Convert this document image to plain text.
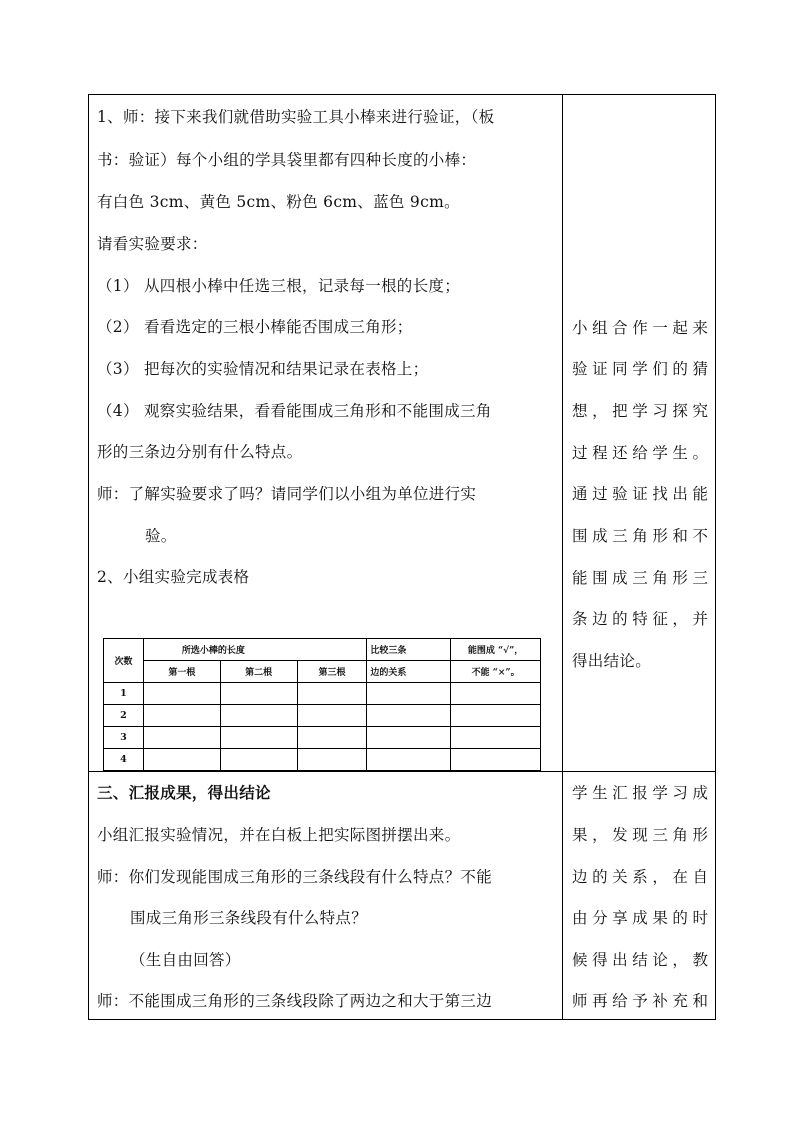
1、师：接下来我们就借助实验工具小棒来进行验证，（板
书：验证）每个小组的学具袋里都有四种长度的小棒：
有白色 3cm、黄色 5cm、粉色 6cm、蓝色 9cm。
请看实验要求：
（1） 从四根小棒中任选三根，记录每一根的长度；
（2） 看看选定的三根小棒能否围成三角形；
（3） 把每次的实验情况和结果记录在表格上；
（4） 观察实验结果，看看能围成三角形和不能围成三角
形的三条边分别有什么特点。
师：了解实验要求了吗？请同学们以小组为单位进行实
验。
2、小组实验完成表格
小组合作一起来
验证同学们的猜
想，把学习探究
过程还给学生。
通过验证找出能
围成三角形和不
能围成三角形三
条边的特征，并
得出结论。
次数	所选小棒的长度			比较三条	能围成 “√”，
	第一根	第二根	第三根	边的关系	不能 “×”。
1					
2					
3					
4					
三、汇报成果，得出结论
小组汇报实验情况，并在白板上把实际图拼摆出来。
师：你们发现能围成三角形的三条线段有什么特点？不能
围成三角形三条线段有什么特点？
（生自由回答）
师：不能围成三角形的三条线段除了两边之和大于第三边
学生汇报学习成
果，发现三角形
边的关系，在自
由分享成果的时
候得出结论，教
师再给予补充和
